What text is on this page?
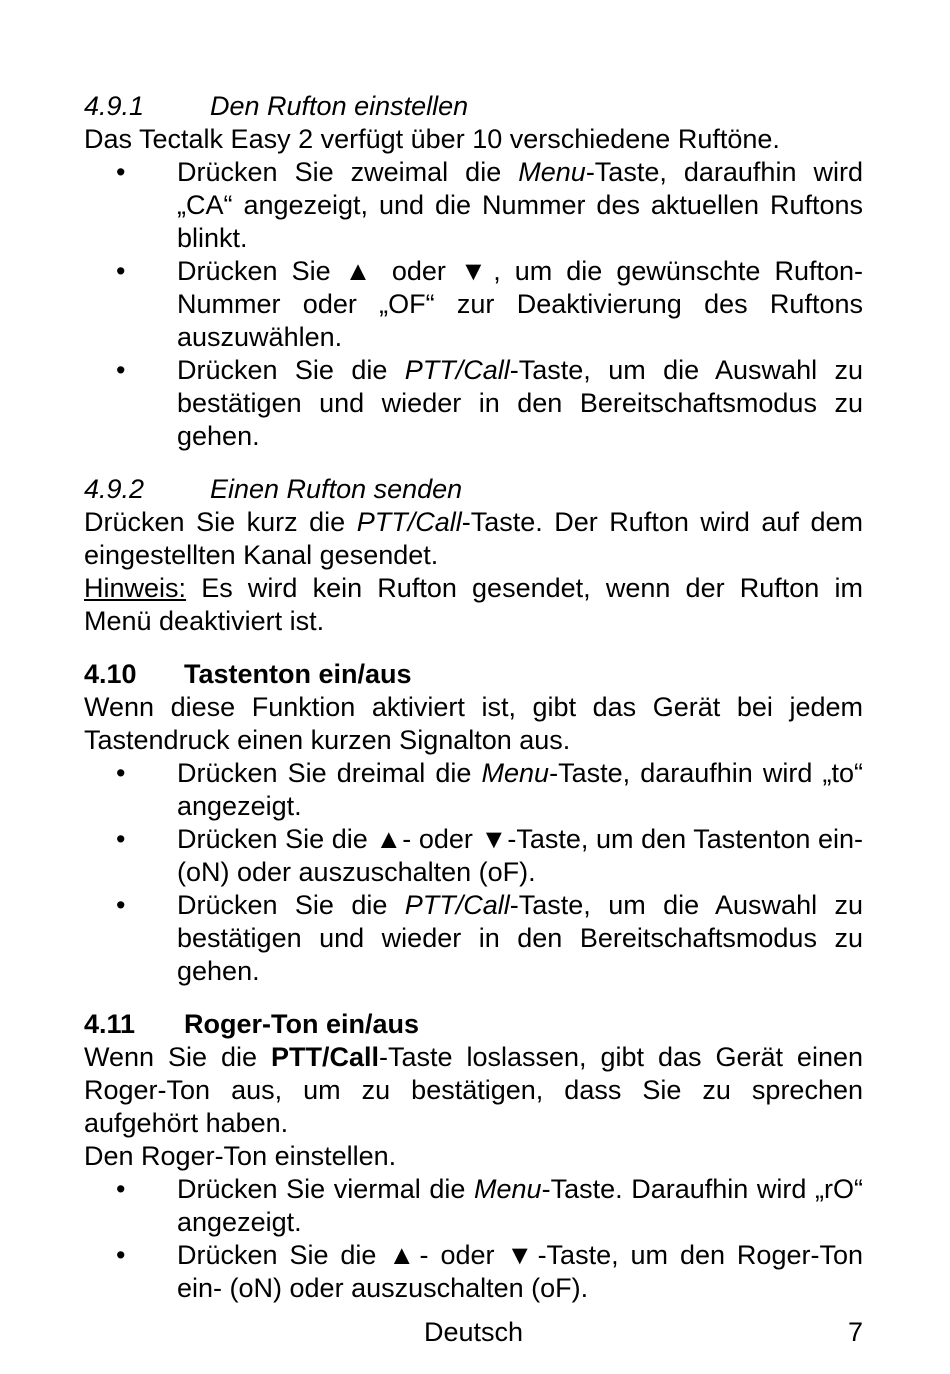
4.9.1	Den Rufton einstellen

Das Tectalk Easy 2 verfügt über 10 verschiedene Ruftöne.

• Drücken Sie zweimal die Menu-Taste, daraufhin wird „CA“ angezeigt, und die Nummer des aktuellen Ruftons blinkt.
• Drücken Sie ▲ oder ▼, um die gewünschte Rufton-Nummer oder „OF“ zur Deaktivierung des Ruftons auszuwählen.
• Drücken Sie die PTT/Call-Taste, um die Auswahl zu bestätigen und wieder in den Bereitschaftsmodus zu gehen.
4.9.2	Einen Rufton senden

Drücken Sie kurz die PTT/Call-Taste. Der Rufton wird auf dem eingestellten Kanal gesendet.

Hinweis: Es wird kein Rufton gesendet, wenn der Rufton im Menü deaktiviert ist.

4.10	Tastenton ein/aus

Wenn diese Funktion aktiviert ist, gibt das Gerät bei jedem Tastendruck einen kurzen Signalton aus.

• Drücken Sie dreimal die Menu-Taste, daraufhin wird „to“ angezeigt.
• Drücken Sie die ▲- oder ▼-Taste, um den Tastenton ein- (oN) oder auszuschalten (oF).
• Drücken Sie die PTT/Call-Taste, um die Auswahl zu bestätigen und wieder in den Bereitschaftsmodus zu gehen.
4.11	Roger-Ton ein/aus

Wenn Sie die PTT/Call-Taste loslassen, gibt das Gerät einen Roger-Ton aus, um zu bestätigen, dass Sie zu sprechen aufgehört haben.

Den Roger-Ton einstellen.

• Drücken Sie viermal die Menu-Taste. Daraufhin wird „rO“ angezeigt.
• Drücken Sie die ▲- oder ▼-Taste, um den Roger-Ton ein- (oN) oder auszuschalten (oF).
Deutsch	7
